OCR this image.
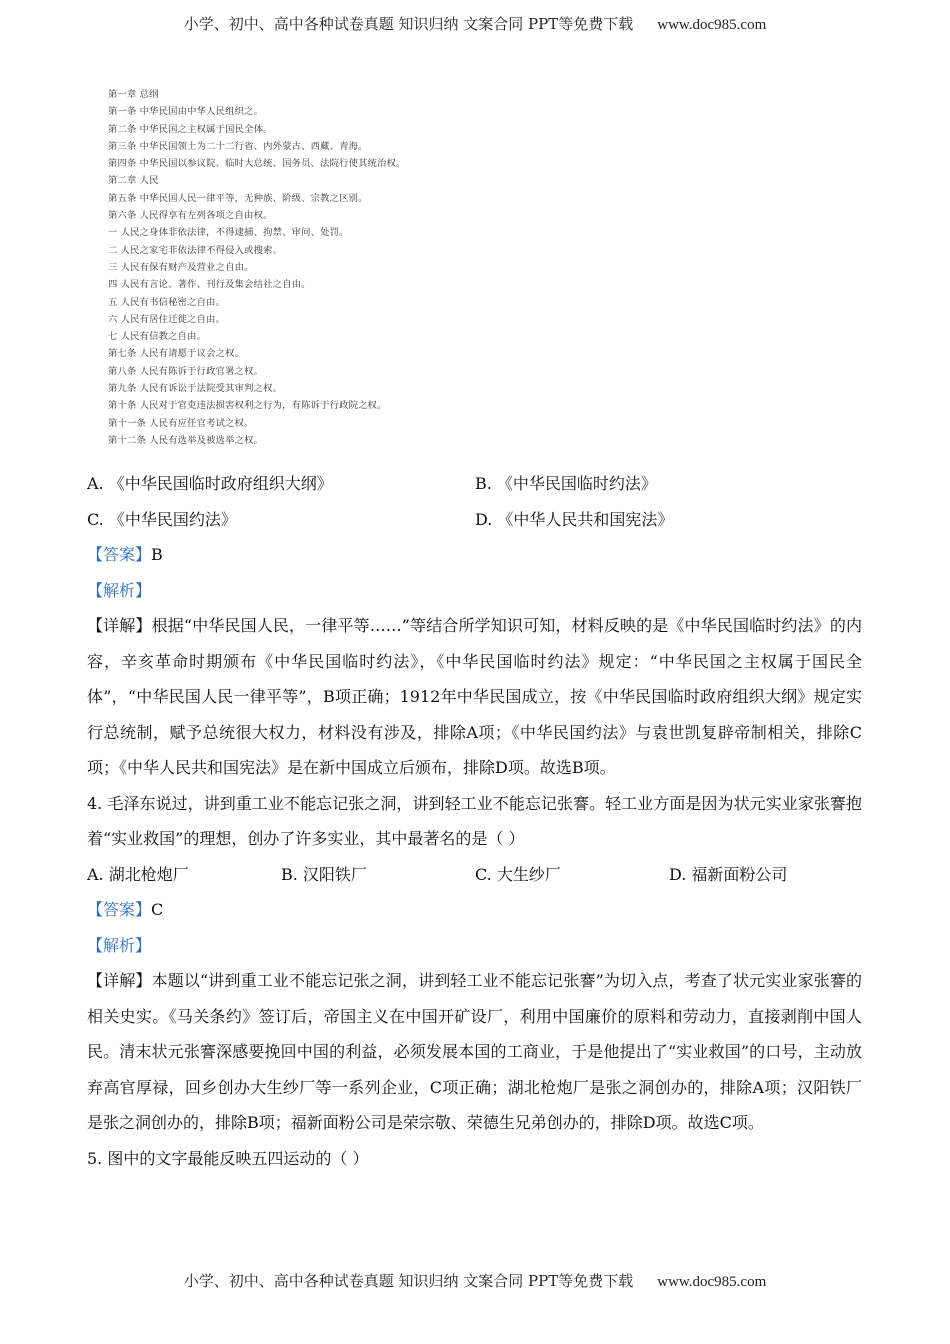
小学、初中、高中各种试卷真题 知识归纳 文案合同 PPT等免费下载 www.doc985.com
第一章 总纲
第一条 中华民国由中华人民组织之。
第二条 中华民国之主权属于国民全体。
第三条 中华民国领土为二十二行省、内外蒙古、西藏、青海。
第四条 中华民国以参议院、临时大总统、国务员、法院行使其统治权。
第二章 人民
第五条 中华民国人民一律平等，无种族、阶级、宗教之区别。
第六条 人民得享有左列各项之自由权。
一 人民之身体非依法律，不得逮捕、拘禁、审问、处罚。
二 人民之家宅非依法律不得侵入或搜索。
三 人民有保有财产及营业之自由。
四 人民有言论、著作、刊行及集会结社之自由。
五 人民有书信秘密之自由。
六 人民有居住迁徙之自由。
七 人民有信教之自由。
第七条 人民有请愿于议会之权。
第八条 人民有陈诉于行政官署之权。
第九条 人民有诉讼于法院受其审判之权。
第十条 人民对于官吏违法损害权利之行为，有陈诉于行政院之权。
第十一条 人民有应任官考试之权。
第十二条 人民有选举及被选举之权。
A. 《中华民国临时政府组织大纲》	B. 《中华民国临时约法》
C. 《中华民国约法》	D. 《中华人民共和国宪法》

【答案】B

【解析】

【详解】根据“中华民国人民，一律平等……”等结合所学知识可知，材料反映的是《中华民国临时约法》的内容，辛亥革命时期颁布《中华民国临时约法》，《中华民国临时约法》规定：“中华民国之主权属于国民全体”，“中华民国人民一律平等”，B项正确；1912年中华民国成立，按《中华民国临时政府组织大纲》规定实行总统制，赋予总统很大权力，材料没有涉及，排除A项；《中华民国约法》与袁世凯复辟帝制相关，排除C项；《中华人民共和国宪法》是在新中国成立后颁布，排除D项。故选B项。

4. 毛泽东说过，讲到重工业不能忘记张之洞，讲到轻工业不能忘记张謇。轻工业方面是因为状元实业家张謇抱着“实业救国”的理想，创办了许多实业，其中最著名的是（ ）

A. 湖北枪炮厂	B. 汉阳铁厂	C. 大生纱厂	D. 福新面粉公司

【答案】C

【解析】

【详解】本题以“讲到重工业不能忘记张之洞，讲到轻工业不能忘记张謇”为切入点，考查了状元实业家张謇的相关史实。《马关条约》签订后，帝国主义在中国开矿设厂，利用中国廉价的原料和劳动力，直接剥削中国人民。清末状元张謇深感要挽回中国的利益，必须发展本国的工商业，于是他提出了“实业救国”的口号，主动放弃高官厚禄，回乡创办大生纱厂等一系列企业，C项正确；湖北枪炮厂是张之洞创办的，排除A项；汉阳铁厂是张之洞创办的，排除B项；福新面粉公司是荣宗敬、荣德生兄弟创办的，排除D项。故选C项。

5. 图中的文字最能反映五四运动的（ ）

小学、初中、高中各种试卷真题 知识归纳 文案合同 PPT等免费下载 www.doc985.com
